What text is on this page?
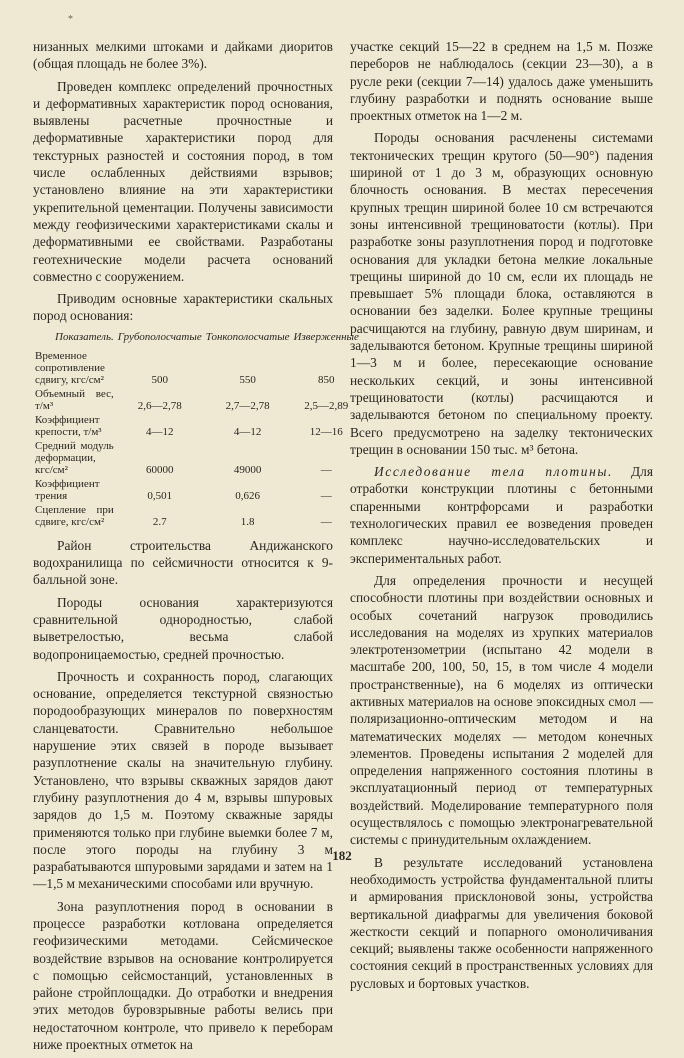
*

низанных мелкими штоками и дайками диоритов (общая площадь не более 3%).

Проведен комплекс определений прочностных и деформативных характеристик пород основания, выявлены расчетные прочностные и деформативные характеристики пород для текстурных разностей и состояния пород, в том числе ослабленных действиями взрывов; установлено влияние на эти характеристики укрепительной цементации. Получены зависимости между геофизическими характеристиками скалы и деформативными ее свойствами. Разработаны геотехнические модели расчета оснований совместно с сооружением.

Приводим основные характеристики скальных пород основания:

Показатель.	Грубополосчатые	Тонкополосчатые	Изверженные
Временное сопротивление сдвигу, кгс/см²	500	550	850
Объемный вес, т/м³	2,6—2,78	2,7—2,78	2,5—2,89
Коэффициент крепости, т/м³	4—12	4—12	12—16
Средний модуль деформации, кгс/см²	60000	49000	—
Коэффициент трения	0,501	0,626	—
Сцепление при сдвиге, кгс/см²	2.7	1.8	—

Район строительства Андижанского водохранилища по сейсмичности относится к 9-балльной зоне.

Породы основания характеризуются сравнительной однородностью, слабой выветрелостью, весьма слабой водопроницаемостью, средней прочностью.

Прочность и сохранность пород, слагающих основание, определяется текстурной связностью породообразующих минералов по поверхностям сланцеватости. Сравнительно небольшое нарушение этих связей в породе вызывает разуплотнение скалы на значительную глубину. Установлено, что взрывы скважных зарядов дают глубину разуплотнения до 4 м, взрывы шпуровых зарядов до 1,5 м. Поэтому скважные заряды применяются только при глубине выемки более 7 м, после этого породы на глубину 3 м разрабатываются шпуровыми зарядами и затем на 1—1,5 м механическими способами или вручную.

Зона разуплотнения пород в основании в процессе разработки котлована определяется геофизическими методами. Сейсмическое воздействие взрывов на основание контролируется с помощью сейсмостанций, установленных в районе стройплощадки. До отработки и внедрения этих методов буровзрывные работы велись при недостаточном контроле, что привело к переборам ниже проектных отметок на

участке секций 15—22 в среднем на 1,5 м. Позже переборов не наблюдалось (секции 23—30), а в русле реки (секции 7—14) удалось даже уменьшить глубину разработки и поднять основание выше проектных отметок на 1—2 м.

Породы основания расчленены системами тектонических трещин крутого (50—90°) падения шириной от 1 до 3 м, образующих основную блочность основания. В местах пересечения крупных трещин шириной более 10 см встречаются зоны интенсивной трещиноватости (котлы). При разработке зоны разуплотнения пород и подготовке основания для укладки бетона мелкие локальные трещины шириной до 10 см, если их площадь не превышает 5% площади блока, оставляются в основании без заделки. Более крупные трещины расчищаются на глубину, равную двум ширинам, и заделываются бетоном. Крупные трещины шириной 1—3 м и более, пересекающие основание нескольких секций, и зоны интенсивной трещиноватости (котлы) расчищаются и заделываются бетоном по специальному проекту. Всего предусмотрено на заделку тектонических трещин в основании 150 тыс. м³ бетона.

Исследование тела плотины. Для отработки конструкции плотины с бетонными спаренными контрфорсами и разработки технологических правил ее возведения проведен комплекс научно-исследовательских и экспериментальных работ.

Для определения прочности и несущей способности плотины при воздействии основных и особых сочетаний нагрузок проводились исследования на моделях из хрупких материалов электротензометрии (испытано 42 модели в масштабе 200, 100, 50, 15, в том числе 4 модели пространственные), на 6 моделях из оптически активных материалов на основе эпоксидных смол — поляризационно-оптическим методом и на математических моделях — методом конечных элементов. Проведены испытания 2 моделей для определения напряженного состояния плотины в эксплуатационный период от температурных воздействий. Моделирование температурного поля осуществлялось с помощью электронагревательной системы с принудительным охлаждением.

В результате исследований установлена необходимость устройства фундаментальной плиты и армирования присклоновой зоны, устройства вертикальной диафрагмы для увеличения боковой жесткости секций и попарного омоноличивания секций; выявлены также особенности напряженного состояния секций в пространственных условиях для русловых и бортовых участков.

182
